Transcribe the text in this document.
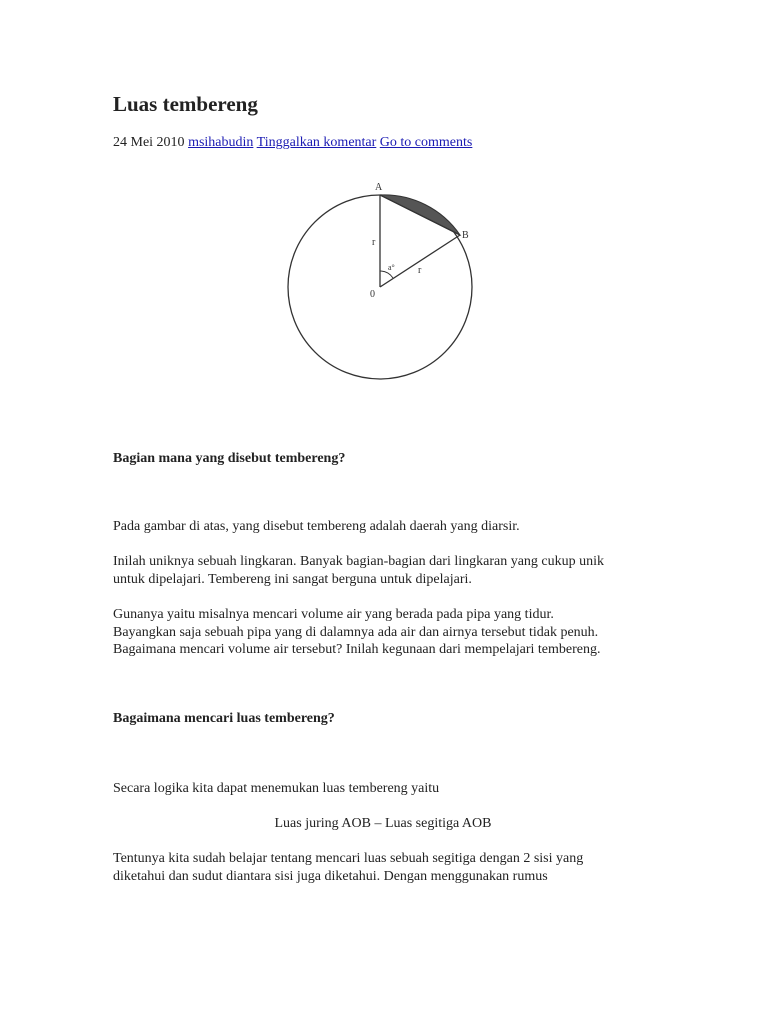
Luas tembereng
24 Mei 2010 msihabudin Tinggalkan komentar Go to comments
A
B
0
r
r
a°

Bagian mana yang disebut tembereng?

Pada gambar di atas, yang disebut tembereng adalah daerah yang diarsir.

Inilah uniknya sebuah lingkaran. Banyak bagian-bagian dari lingkaran yang cukup unik
untuk dipelajari. Tembereng ini sangat berguna untuk dipelajari.

Gunanya yaitu misalnya mencari volume air yang berada pada pipa yang tidur.
Bayangkan saja sebuah pipa yang di dalamnya ada air dan airnya tersebut tidak penuh.
Bagaimana mencari volume air tersebut? Inilah kegunaan dari mempelajari tembereng.

Bagaimana mencari luas tembereng?

Secara logika kita dapat menemukan luas tembereng yaitu

Luas juring AOB – Luas segitiga AOB

Tentunya kita sudah belajar tentang mencari luas sebuah segitiga dengan 2 sisi yang
diketahui dan sudut diantara sisi juga diketahui. Dengan menggunakan rumus
